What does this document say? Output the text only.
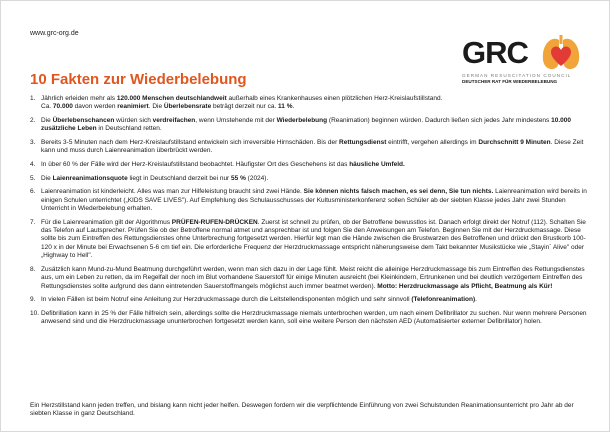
www.grc-org.de
GRC
GERMAN RESUSCITATION COUNCIL
DEUTSCHER RAT FÜR WIEDERBELEBUNG
10 Fakten zur Wiederbelebung
1. Jährlich erleiden mehr als 120.000 Menschen deutschlandweit außerhalb eines Krankenhauses einen plötzlichen Herz-Kreislaufstillstand.
Ca. 70.000 davon werden reanimiert. Die Überlebensrate beträgt derzeit nur ca. 11 %.
2. Die Überlebenschancen würden sich verdreifachen, wenn Umstehende mit der Wiederbelebung (Reanimation) beginnen würden. Dadurch ließen sich jedes Jahr mindestens 10.000 zusätzliche Leben in Deutschland retten.
3. Bereits 3-5 Minuten nach dem Herz-Kreislaufstillstand entwickeln sich irreversible Hirnschäden. Bis der Rettungsdienst eintrifft, vergehen allerdings im Durchschnitt 9 Minuten. Diese Zeit kann und muss durch Laienreanimation überbrückt werden.
4. In über 60 % der Fälle wird der Herz-Kreislaufstillstand beobachtet. Häufigster Ort des Geschehens ist das häusliche Umfeld.
5. Die Laienreanimationsquote liegt in Deutschland derzeit bei nur 55 % (2024).
6. Laienreanimation ist kinderleicht. Alles was man zur Hilfeleistung braucht sind zwei Hände. Sie können nichts falsch machen, es sei denn, Sie tun nichts. Laienreanimation wird bereits in einigen Schulen unterrichtet („KIDS SAVE LIVES"). Auf Empfehlung des Schulausschusses der Kultusministerkonferenz sollen Schüler ab der siebten Klasse jedes Jahr zwei Stunden Unterricht in Wiederbelebung erhalten.
7. Für die Laienreanimation gilt der Algorithmus PRÜFEN-RUFEN-DRÜCKEN. Zuerst ist schnell zu prüfen, ob der Betroffene bewusstlos ist. Danach erfolgt direkt der Notruf (112). Schalten Sie das Telefon auf Lautsprecher. Prüfen Sie ob der Betroffene normal atmet und ansprechbar ist und folgen Sie den Anweisungen am Telefon. Beginnen Sie mit der Herzdruckmassage. Diese sollte bis zum Eintreffen des Rettungsdienstes ohne Unterbrechung fortgesetzt werden. Hierfür legt man die Hände zwischen die Brustwarzen des Betroffenen und drückt den Brustkorb 100-120 x in der Minute bei Erwachsenen 5-6 cm tief ein. Die erforderliche Frequenz der Herzdruckmassage entspricht näherungsweise dem Takt bekannter Musikstücke wie „Stayin´ Alive" oder „Highway to Hell".
8. Zusätzlich kann Mund-zu-Mund Beatmung durchgeführt werden, wenn man sich dazu in der Lage fühlt. Meist reicht die alleinige Herzdruckmassage bis zum Eintreffen des Rettungsdienstes aus, um ein Leben zu retten, da im Regelfall der noch im Blut vorhandene Sauerstoff für einige Minuten ausreicht (bei Kleinkindern, Ertrunkenen und bei deutlich verzögertem Eintreffen des Rettungsdienstes sollte aufgrund des dann eintretenden Sauerstoffmangels möglichst auch immer beatmet werden). Motto: Herzdruckmassage als Pflicht, Beatmung als Kür!
9. In vielen Fällen ist beim Notruf eine Anleitung zur Herzdruckmassage durch die Leitstellendisponenten möglich und sehr sinnvoll (Telefonreanimation).
10. Defibrillation kann in 25 % der Fälle hilfreich sein, allerdings sollte die Herzdruckmassage niemals unterbrochen werden, um nach einem Defibrillator zu suchen. Nur wenn mehrere Personen anwesend sind und die Herzdruckmassage ununterbrochen fortgesetzt werden kann, soll eine weitere Person den nächsten AED (Automatisierter externer Defibrillator) holen.
Ein Herzstillstand kann jeden treffen, und bislang kann nicht jeder helfen. Deswegen fordern wir die verpflichtende Einführung von zwei Schulstunden Reanimationsunterricht pro Jahr ab der siebten Klasse in ganz Deutschland.
